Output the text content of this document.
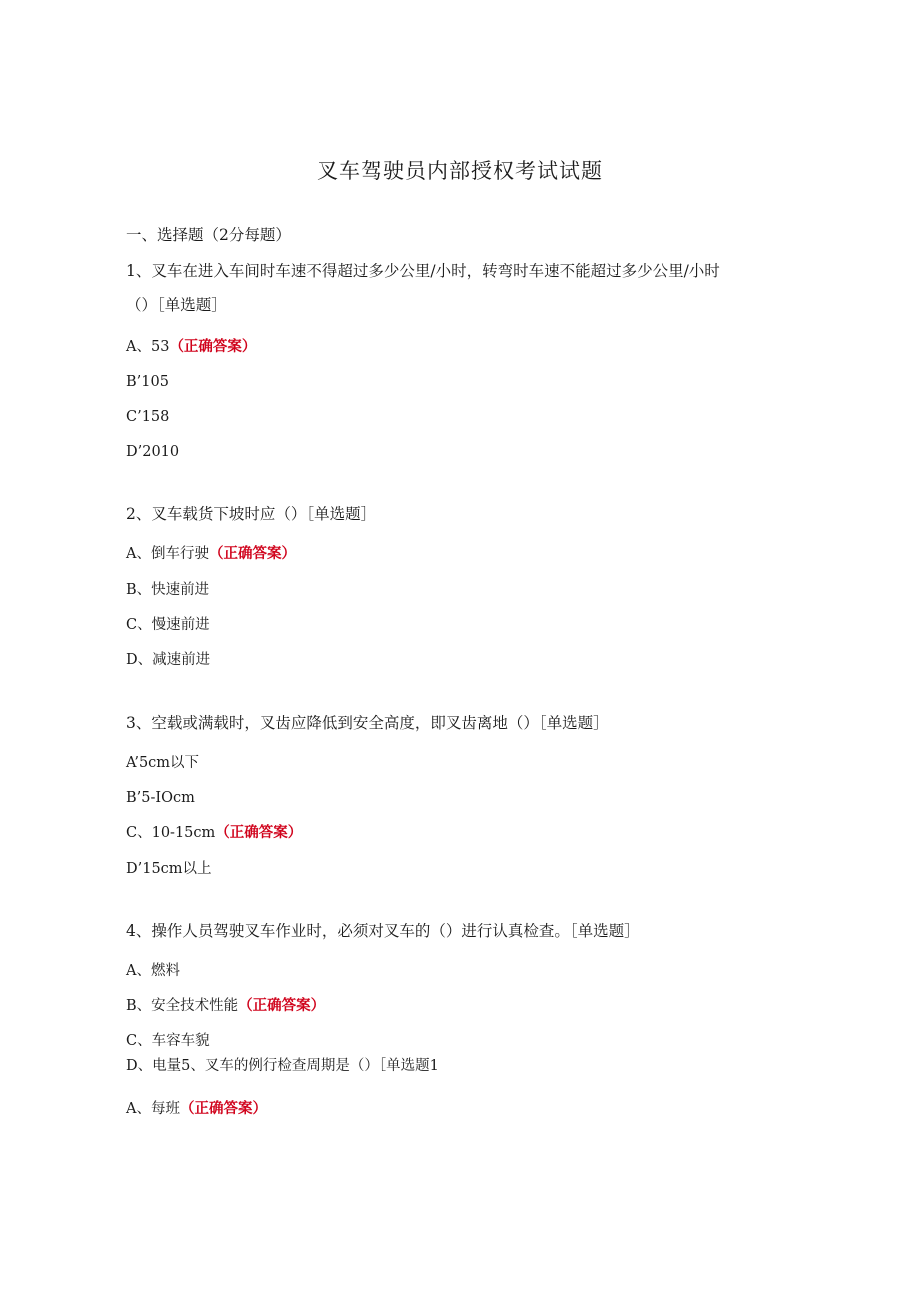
叉车驾驶员内部授权考试试题
一、选择题（2分每题）
1、叉车在进入车间时车速不得超过多少公里/小时，转弯时车速不能超过多少公里/小时
（）［单选题］
A、53（正确答案）
B’105
C’158
D’2010
2、叉车载货下坡时应（）［单选题］
A、倒车行驶（正确答案）
B、快速前进
C、慢速前进
D、减速前进
3、空载或满载时，叉齿应降低到安全高度，即叉齿离地（）［单选题］
A’5cm以下
B’5-IOcm
C、10-15cm（正确答案）
D’15cm以上
4、操作人员驾驶叉车作业时，必须对叉车的（）进行认真检查。［单选题］
A、燃料
B、安全技术性能（正确答案）
C、车容车貌
D、电量5、叉车的例行检查周期是（）［单选题1
A、每班（正确答案）
